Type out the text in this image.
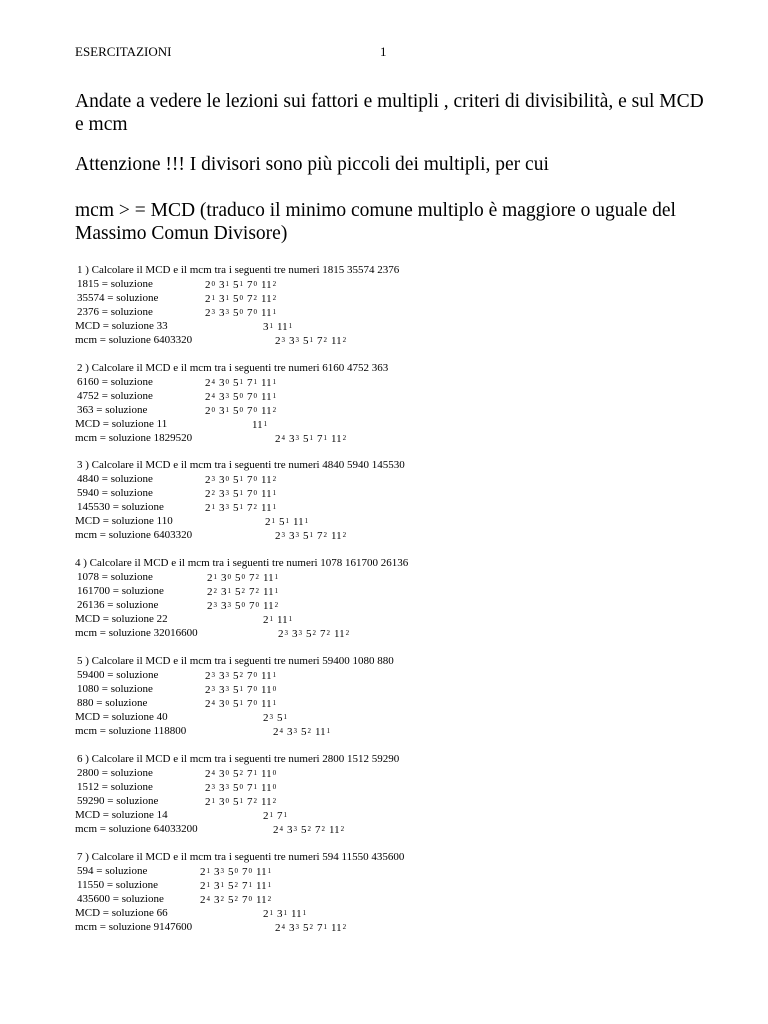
ESERCITAZIONI	1

Andate a vedere le lezioni sui fattori e multipli , criteri di divisibilità, e sul MCD e mcm

Attenzione !!! I divisori sono più piccoli dei multipli, per cui

mcm > = MCD (traduco il minimo comune multiplo è maggiore o uguale del Massimo Comun Divisore)

1 ) Calcolare il MCD e il mcm tra i seguenti tre numeri 1815 35574 2376
1815 = soluzione	$2^0$ $3^1$ $5^1$ $7^0$ $11^2$
35574 = soluzione	$2^1$ $3^1$ $5^0$ $7^2$ $11^2$
2376 = soluzione	$2^3$ $3^3$ $5^0$ $7^0$ $11^1$
MCD = soluzione 33	$3^1$ $11^1$
mcm = soluzione 6403320	$2^3$ $3^3$ $5^1$ $7^2$ $11^2$
2 ) Calcolare il MCD e il mcm tra i seguenti tre numeri 6160 4752 363
6160 = soluzione	$2^4$ $3^0$ $5^1$ $7^1$ $11^1$
4752 = soluzione	$2^4$ $3^3$ $5^0$ $7^0$ $11^1$
363 = soluzione	$2^0$ $3^1$ $5^0$ $7^0$ $11^2$
MCD = soluzione 11	$11^1$
mcm = soluzione 1829520	$2^4$ $3^3$ $5^1$ $7^1$ $11^2$
3 ) Calcolare il MCD e il mcm tra i seguenti tre numeri 4840 5940 145530
4840 = soluzione	$2^3$ $3^0$ $5^1$ $7^0$ $11^2$
5940 = soluzione	$2^2$ $3^3$ $5^1$ $7^0$ $11^1$
145530 = soluzione	$2^1$ $3^3$ $5^1$ $7^2$ $11^1$
MCD = soluzione 110	$2^1$ $5^1$ $11^1$
mcm = soluzione 6403320	$2^3$ $3^3$ $5^1$ $7^2$ $11^2$
4 ) Calcolare il MCD e il mcm tra i seguenti tre numeri 1078 161700 26136
1078 = soluzione	$2^1$ $3^0$ $5^0$ $7^2$ $11^1$
161700 = soluzione	$2^2$ $3^1$ $5^2$ $7^2$ $11^1$
26136 = soluzione	$2^3$ $3^3$ $5^0$ $7^0$ $11^2$
MCD = soluzione 22	$2^1$ $11^1$
mcm = soluzione 32016600	$2^3$ $3^3$ $5^2$ $7^2$ $11^2$
5 ) Calcolare il MCD e il mcm tra i seguenti tre numeri 59400 1080 880
59400 = soluzione	$2^3$ $3^3$ $5^2$ $7^0$ $11^1$
1080 = soluzione	$2^3$ $3^3$ $5^1$ $7^0$ $11^0$
880 = soluzione	$2^4$ $3^0$ $5^1$ $7^0$ $11^1$
MCD = soluzione 40	$2^3$ $5^1$
mcm = soluzione 118800	$2^4$ $3^3$ $5^2$ $11^1$
6 ) Calcolare il MCD e il mcm tra i seguenti tre numeri 2800 1512 59290
2800 = soluzione	$2^4$ $3^0$ $5^2$ $7^1$ $11^0$
1512 = soluzione	$2^3$ $3^3$ $5^0$ $7^1$ $11^0$
59290 = soluzione	$2^1$ $3^0$ $5^1$ $7^2$ $11^2$
MCD = soluzione 14	$2^1$ $7^1$
mcm = soluzione 64033200	$2^4$ $3^3$ $5^2$ $7^2$ $11^2$
7 ) Calcolare il MCD e il mcm tra i seguenti tre numeri 594 11550 435600
594 = soluzione	$2^1$ $3^3$ $5^0$ $7^0$ $11^1$
11550 = soluzione	$2^1$ $3^1$ $5^2$ $7^1$ $11^1$
435600 = soluzione	$2^4$ $3^2$ $5^2$ $7^0$ $11^2$
MCD = soluzione 66	$2^1$ $3^1$ $11^1$
mcm = soluzione 9147600	$2^4$ $3^3$ $5^2$ $7^1$ $11^2$
